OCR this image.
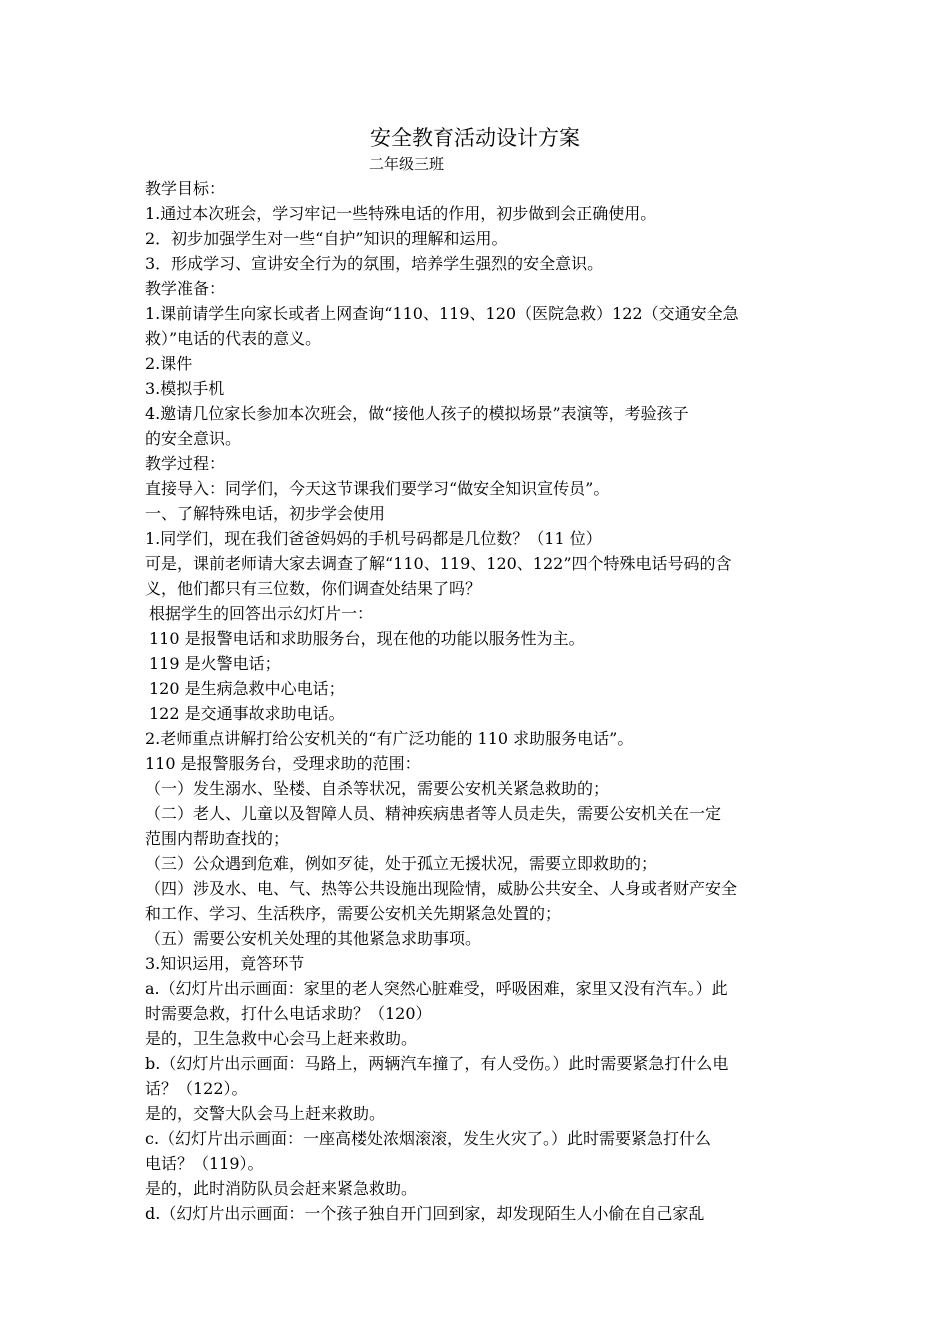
安全教育活动设计方案
二年级三班

教学目标：

1.通过本次班会，学习牢记一些特殊电话的作用，初步做到会正确使用。

2．初步加强学生对一些“自护”知识的理解和运用。

3．形成学习、宣讲安全行为的氛围，培养学生强烈的安全意识。

教学准备：

1.课前请学生向家长或者上网查询“110、119、120（医院急救）122（交通安全急

救）”电话的代表的意义。

2.课件

3.模拟手机

4.邀请几位家长参加本次班会，做“接他人孩子的模拟场景”表演等，考验孩子

的安全意识。

教学过程：

直接导入：同学们，今天这节课我们要学习“做安全知识宣传员”。

一、了解特殊电话，初步学会使用

1.同学们，现在我们爸爸妈妈的手机号码都是几位数？（11 位）

可是，课前老师请大家去调查了解“110、119、120、122”四个特殊电话号码的含

义，他们都只有三位数，你们调查处结果了吗？

根据学生的回答出示幻灯片一：

110 是报警电话和求助服务台，现在他的功能以服务性为主。

119 是火警电话；

120 是生病急救中心电话；

122 是交通事故求助电话。

2.老师重点讲解打给公安机关的“有广泛功能的 110 求助服务电话”。

110 是报警服务台，受理求助的范围：

（一）发生溺水、坠楼、自杀等状况，需要公安机关紧急救助的；

（二）老人、儿童以及智障人员、精神疾病患者等人员走失，需要公安机关在一定

范围内帮助查找的；

（三）公众遇到危难，例如歹徒，处于孤立无援状况，需要立即救助的；

（四）涉及水、电、气、热等公共设施出现险情，威胁公共安全、人身或者财产安全

和工作、学习、生活秩序，需要公安机关先期紧急处置的；

（五）需要公安机关处理的其他紧急求助事项。

3.知识运用，竟答环节

a.（幻灯片出示画面：家里的老人突然心脏难受，呼吸困难，家里又没有汽车。）此

时需要急救，打什么电话求助？（120）

是的，卫生急救中心会马上赶来救助。

b.（幻灯片出示画面：马路上，两辆汽车撞了，有人受伤。）此时需要紧急打什么电

话？（122）。

是的，交警大队会马上赶来救助。

c.（幻灯片出示画面：一座高楼处浓烟滚滚，发生火灾了。）此时需要紧急打什么

电话？（119）。

是的，此时消防队员会赶来紧急救助。

d.（幻灯片出示画面：一个孩子独自开门回到家，却发现陌生人小偷在自己家乱
